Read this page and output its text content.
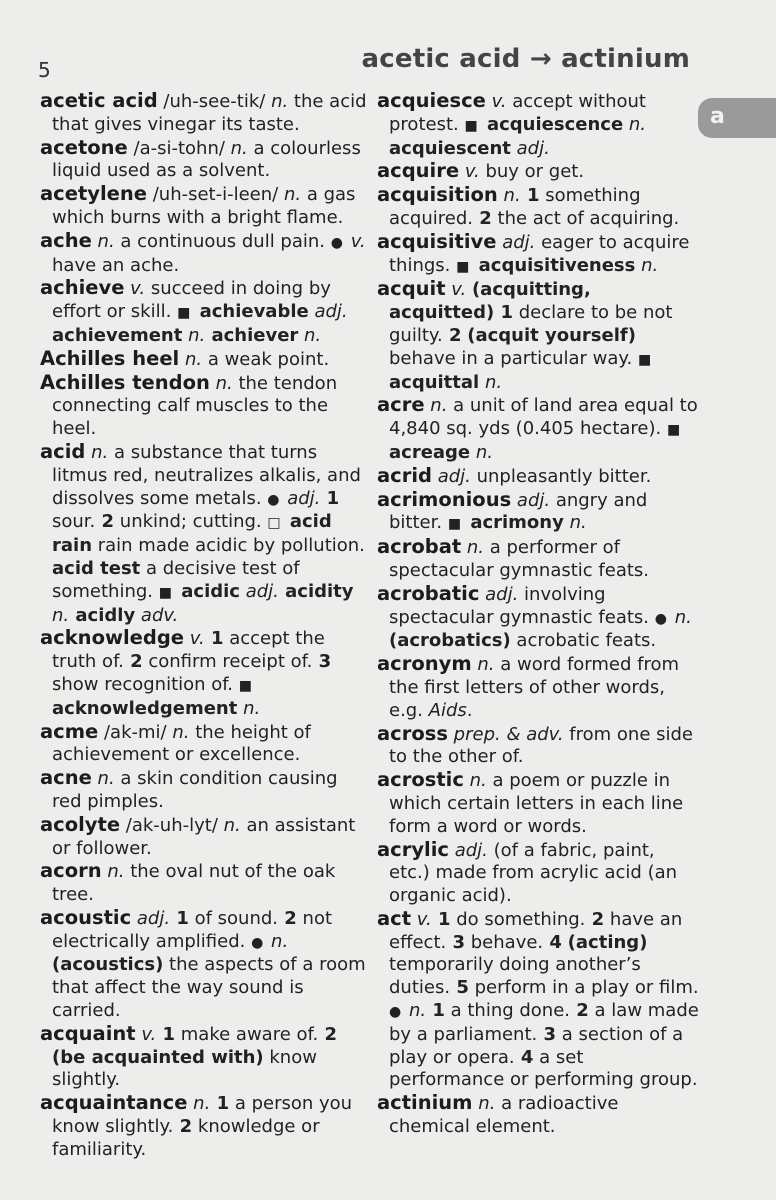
5	acetic acid → actinium
a

acetic acid /uh-see-tik/ n. the acid that gives vinegar its taste.

acetone /a-si-tohn/ n. a colourless liquid used as a solvent.

acetylene /uh-set-i-leen/ n. a gas which burns with a bright flame.

ache n. a continuous dull pain. ● v. have an ache.

achieve v. succeed in doing by effort or skill. ■ achievable adj. achievement n. achiever n.

Achilles heel n. a weak point.

Achilles tendon n. the tendon connecting calf muscles to the heel.

acid n. a substance that turns litmus red, neutralizes alkalis, and dissolves some metals. ● adj. 1 sour. 2 unkind; cutting. □ acid rain rain made acidic by pollution. acid test a decisive test of something. ■ acidic adj. acidity n. acidly adv.

acknowledge v. 1 accept the truth of. 2 confirm receipt of. 3 show recognition of. ■ acknowledgement n.

acme /ak-mi/ n. the height of achievement or excellence.

acne n. a skin condition causing red pimples.

acolyte /ak-uh-lyt/ n. an assistant or follower.

acorn n. the oval nut of the oak tree.

acoustic adj. 1 of sound. 2 not electrically amplified. ● n. (acoustics) the aspects of a room that affect the way sound is carried.

acquaint v. 1 make aware of. 2 (be acquainted with) know slightly.

acquaintance n. 1 a person you know slightly. 2 knowledge or familiarity.

acquiesce v. accept without protest. ■ acquiescence n. acquiescent adj.

acquire v. buy or get.

acquisition n. 1 something acquired. 2 the act of acquiring.

acquisitive adj. eager to acquire things. ■ acquisitiveness n.

acquit v. (acquitting, acquitted) 1 declare to be not guilty. 2 (acquit yourself) behave in a particular way. ■ acquittal n.

acre n. a unit of land area equal to 4,840 sq. yds (0.405 hectare). ■ acreage n.

acrid adj. unpleasantly bitter.

acrimonious adj. angry and bitter. ■ acrimony n.

acrobat n. a performer of spectacular gymnastic feats.

acrobatic adj. involving spectacular gymnastic feats. ● n. (acrobatics) acrobatic feats.

acronym n. a word formed from the first letters of other words, e.g. Aids.

across prep. & adv. from one side to the other of.

acrostic n. a poem or puzzle in which certain letters in each line form a word or words.

acrylic adj. (of a fabric, paint, etc.) made from acrylic acid (an organic acid).

act v. 1 do something. 2 have an effect. 3 behave. 4 (acting) temporarily doing another’s duties. 5 perform in a play or film. ● n. 1 a thing done. 2 a law made by a parliament. 3 a section of a play or opera. 4 a set performance or performing group.

actinium n. a radioactive chemical element.
